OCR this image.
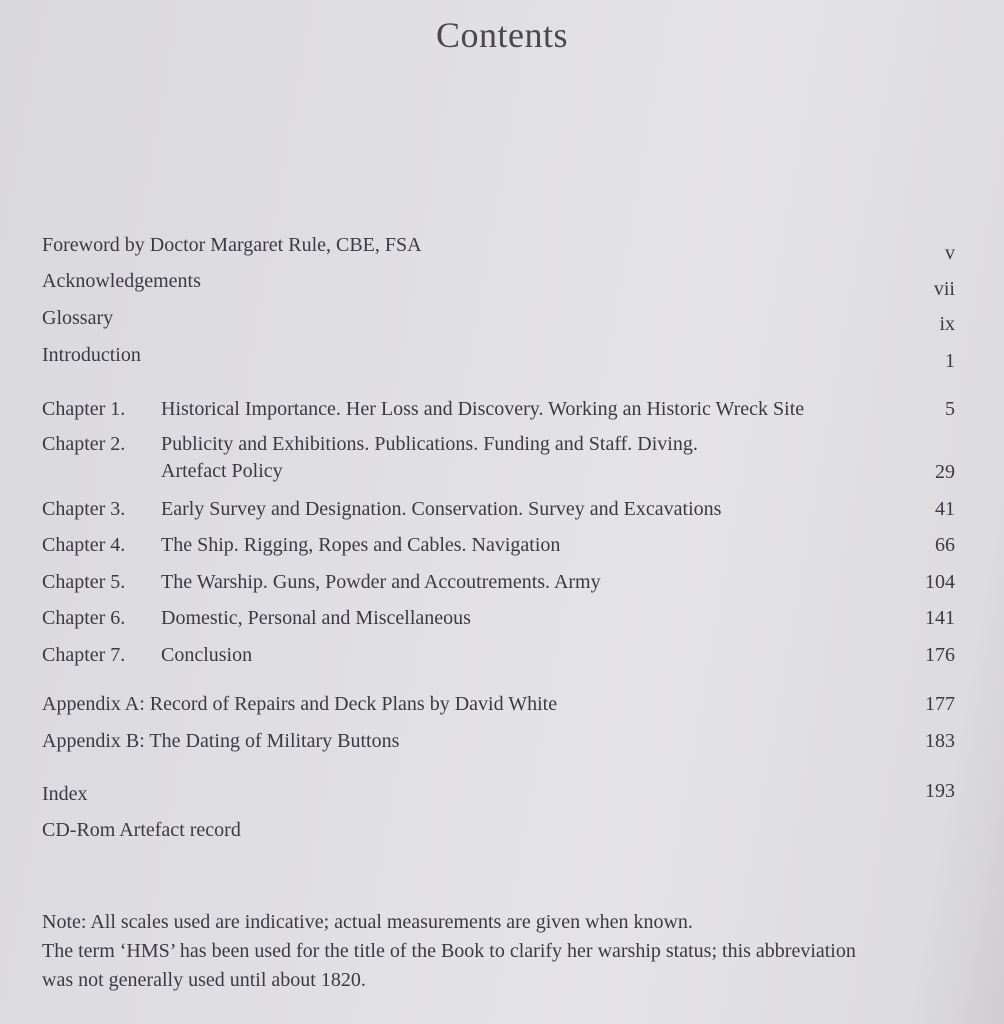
Contents
Foreword by Doctor Margaret Rule, CBE, FSA	v
Acknowledgements	vii
Glossary	ix
Introduction	1
Chapter 1. Historical Importance. Her Loss and Discovery. Working an Historic Wreck Site	5
Chapter 2. Publicity and Exhibitions. Publications. Funding and Staff. Diving.
Artefact Policy	29
Chapter 3. Early Survey and Designation. Conservation. Survey and Excavations	41
Chapter 4. The Ship. Rigging, Ropes and Cables. Navigation	66
Chapter 5. The Warship. Guns, Powder and Accoutrements. Army	104
Chapter 6. Domestic, Personal and Miscellaneous	141
Chapter 7. Conclusion	176
Appendix A: Record of Repairs and Deck Plans by David White	177
Appendix B: The Dating of Military Buttons	183
Index	193
CD-Rom Artefact record
Note: All scales used are indicative; actual measurements are given when known.
The term ‘HMS’ has been used for the title of the Book to clarify her warship status; this abbreviation
was not generally used until about 1820.
